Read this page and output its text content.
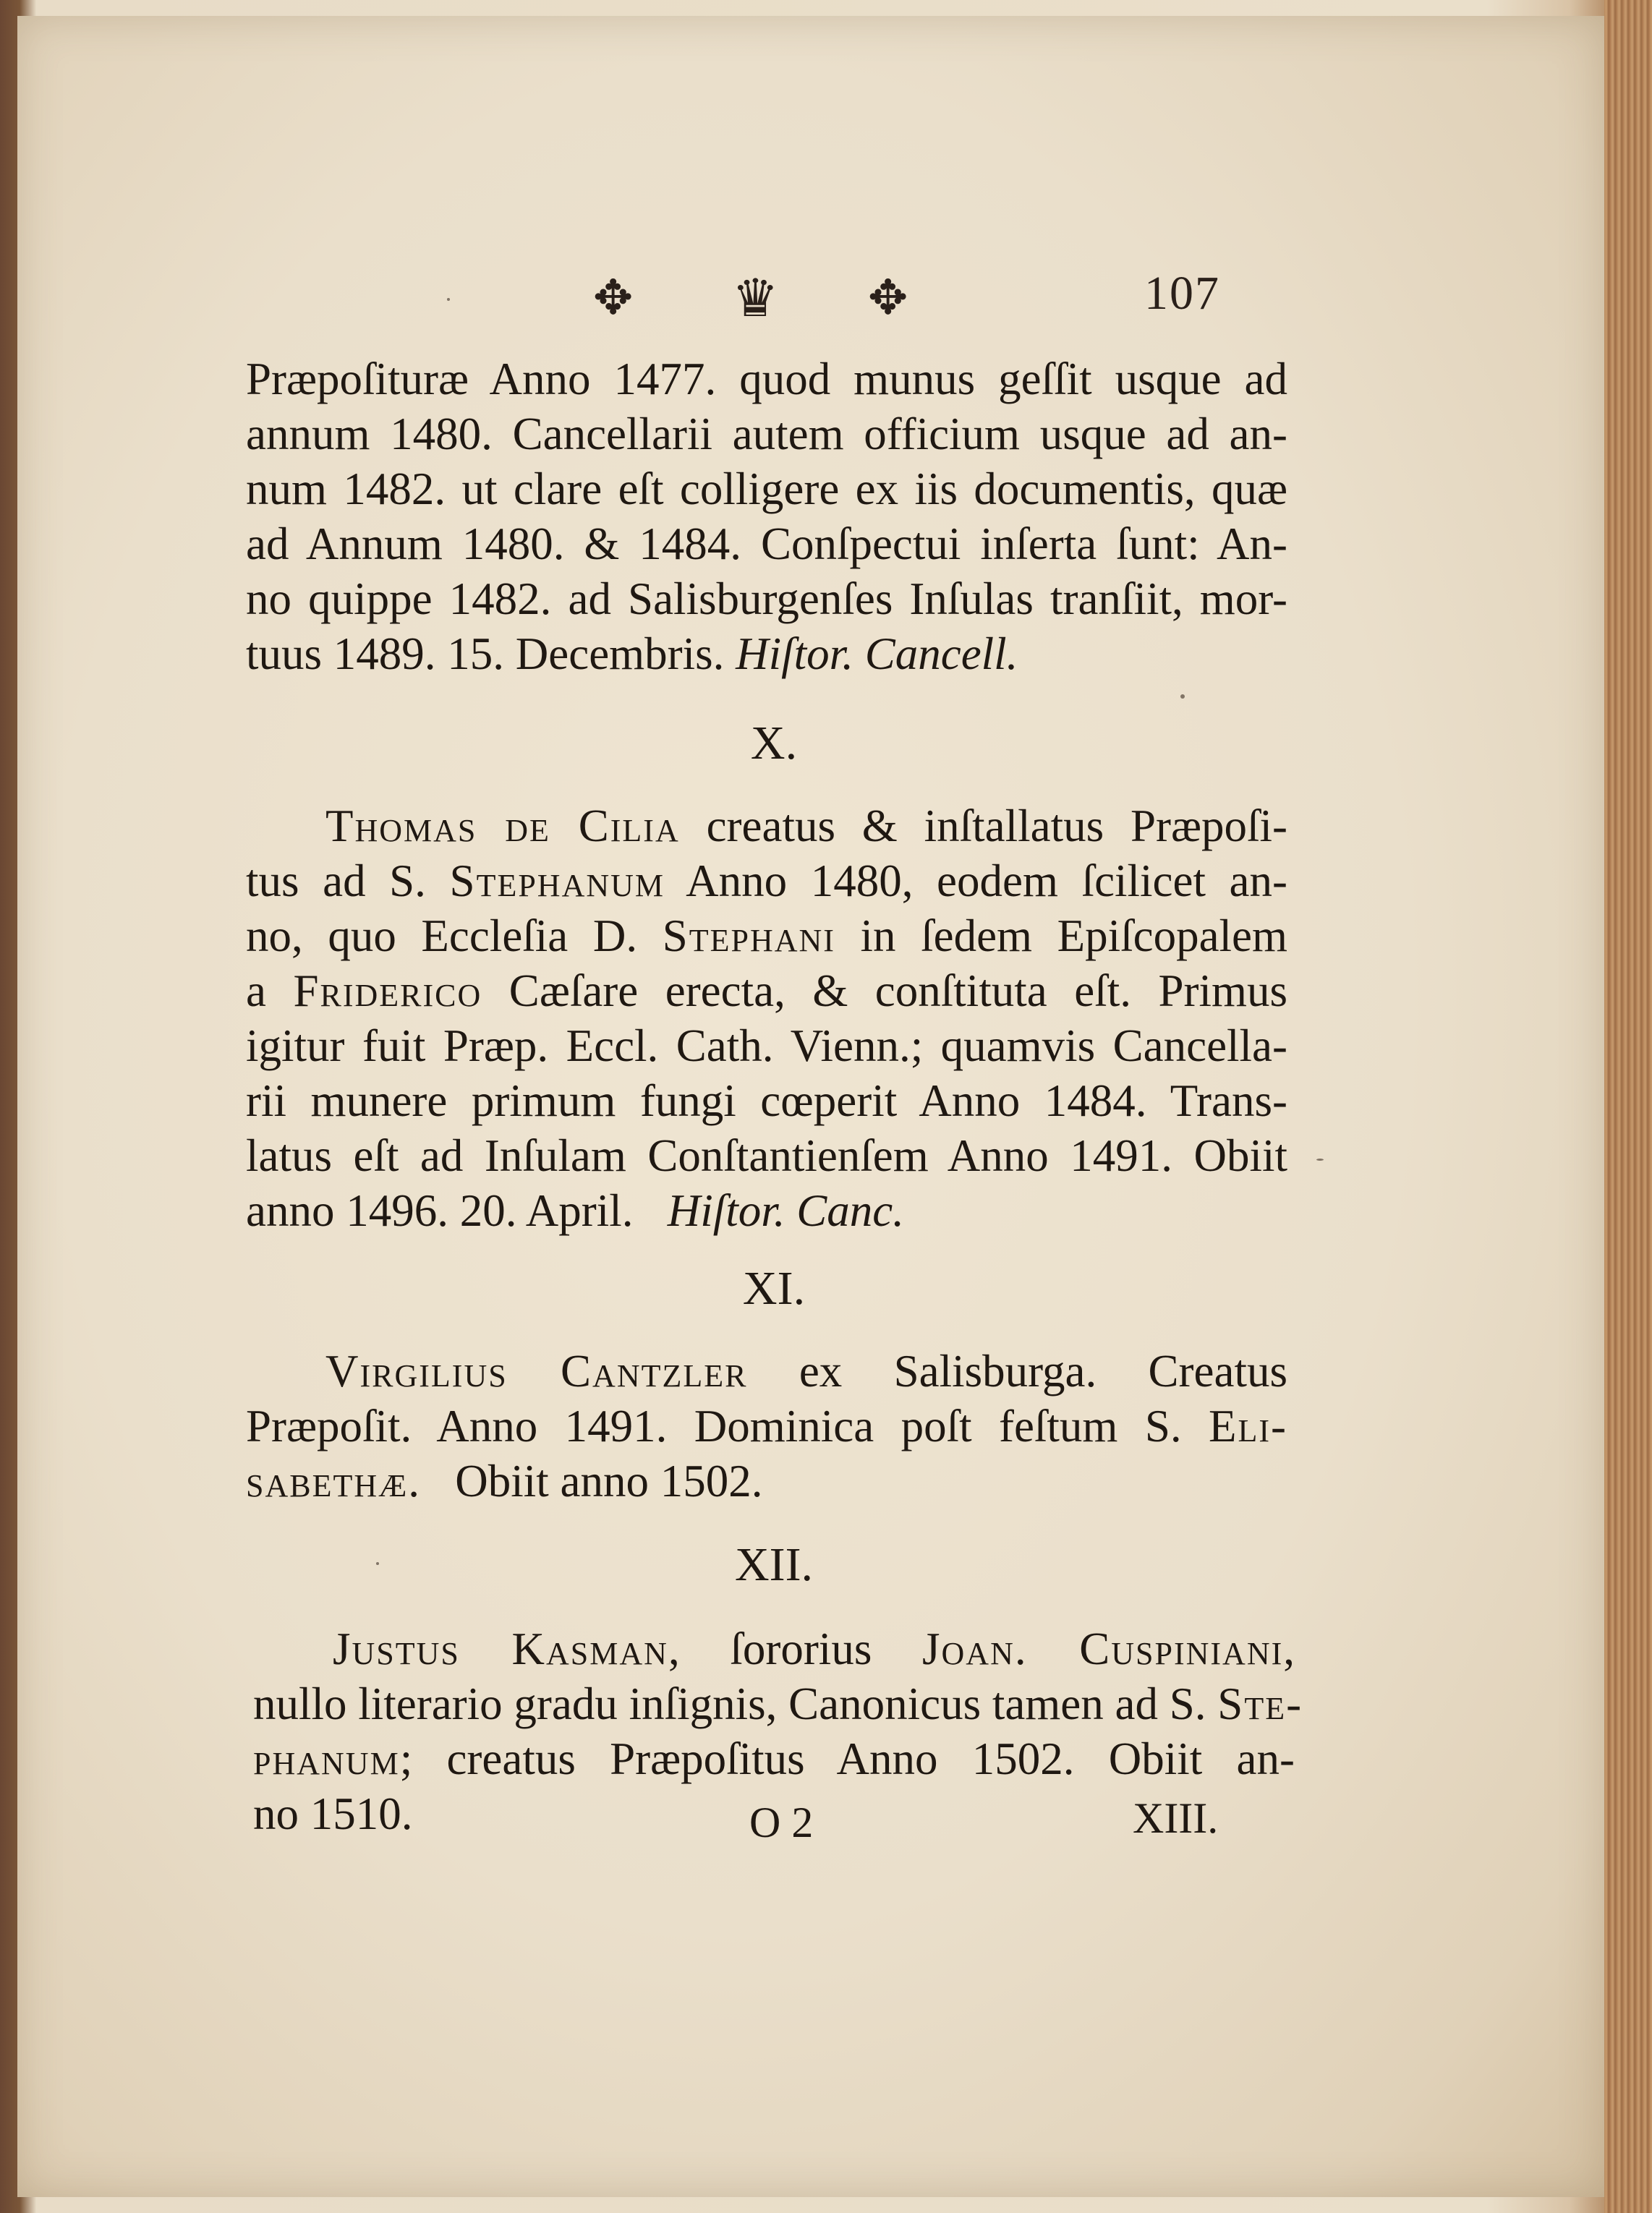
✥ ♛ ✥	107
Præpoſituræ Anno 1477. quod munus geſſit usque ad
annum 1480. Cancellarii autem officium usque ad an-
num 1482. ut clare eſt colligere ex iis documentis, quæ
ad Annum 1480. & 1484. Conſpectui inſerta ſunt: An-
no quippe 1482. ad Salisburgenſes Inſulas tranſiit, mor-
tuus 1489. 15. Decembris. Hiſtor. Cancell.
X.
Thomas de Cilia creatus & inſtallatus Præpoſi-
tus ad S. Stephanum Anno 1480, eodem ſcilicet an-
no, quo Eccleſia D. Stephani in ſedem Epiſcopalem
a Friderico Cæſare erecta, & conſtituta eſt. Primus
igitur fuit Præp. Eccl. Cath. Vienn.; quamvis Cancella-
rii munere primum fungi cœperit Anno 1484. Trans-
latus eſt ad Inſulam Conſtantienſem Anno 1491. Obiit
anno 1496. 20. April. Hiſtor. Canc.
XI.
Virgilius Cantzler ex Salisburga. Creatus
Præpoſit. Anno 1491. Dominica poſt feſtum S. Eli-
sabethæ. Obiit anno 1502.
XII.
Justus Kasman, ſororius Joan. Cuspiniani,
nullo literario gradu inſignis, Canonicus tamen ad S. Ste-
phanum; creatus Præpoſitus Anno 1502. Obiit an-
no 1510.	O 2	XIII.
